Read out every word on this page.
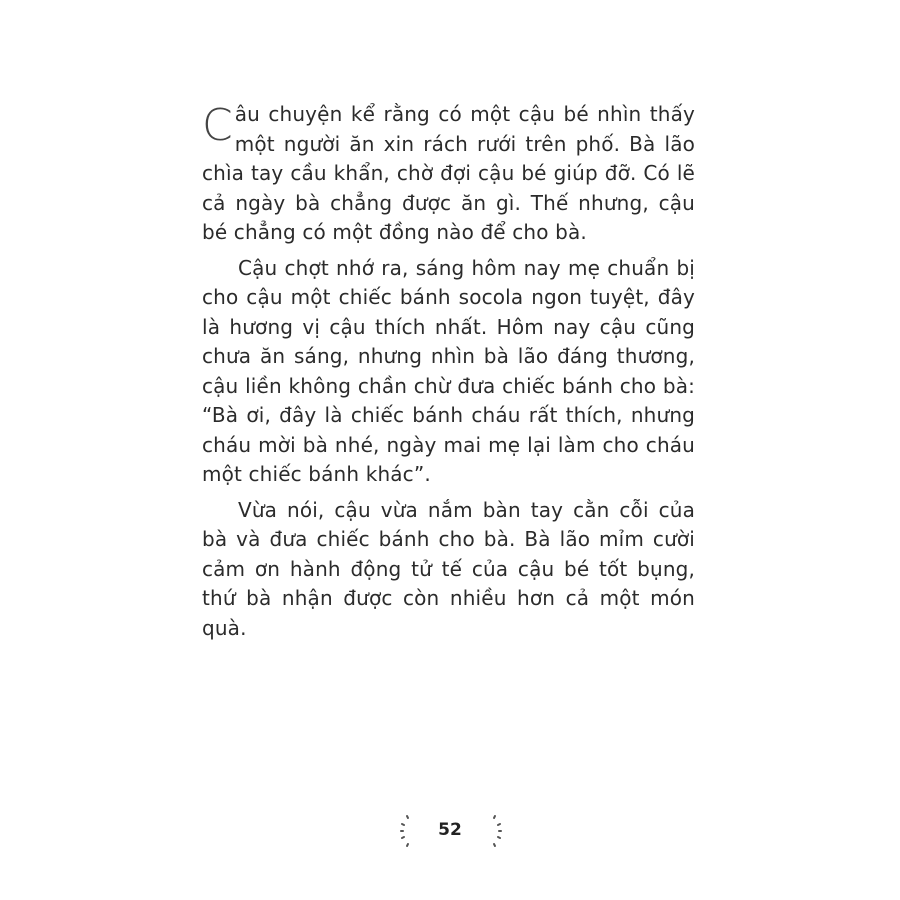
Câu chuyện kể rằng có một cậu bé nhìn thấy một người ăn xin rách rưới trên phố. Bà lão chìa tay cầu khẩn, chờ đợi cậu bé giúp đỡ. Có lẽ cả ngày bà chẳng được ăn gì. Thế nhưng, cậu bé chẳng có một đồng nào để cho bà.

Cậu chợt nhớ ra, sáng hôm nay mẹ chuẩn bị cho cậu một chiếc bánh socola ngon tuyệt, đây là hương vị cậu thích nhất. Hôm nay cậu cũng chưa ăn sáng, nhưng nhìn bà lão đáng thương, cậu liền không chần chừ đưa chiếc bánh cho bà: “Bà ơi, đây là chiếc bánh cháu rất thích, nhưng cháu mời bà nhé, ngày mai mẹ lại làm cho cháu một chiếc bánh khác”.

Vừa nói, cậu vừa nắm bàn tay cằn cỗi của bà và đưa chiếc bánh cho bà. Bà lão mỉm cười cảm ơn hành động tử tế của cậu bé tốt bụng, thứ bà nhận được còn nhiều hơn cả một món quà.

52
